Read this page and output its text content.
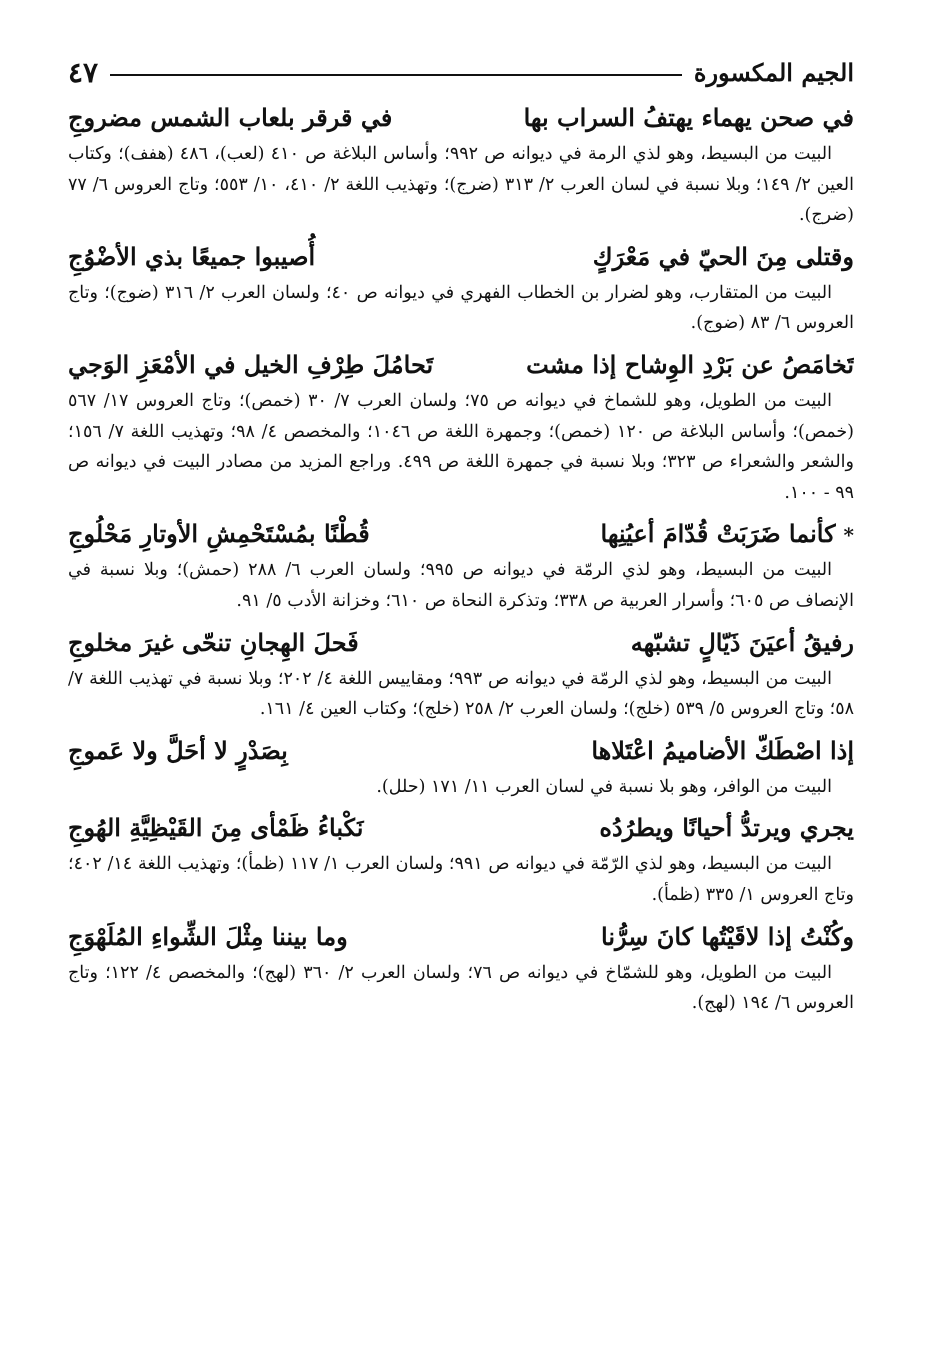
الجيم المكسورة
٤٧
في صحن يهماء يهتفُ السراب بها
في قرقر بلعاب الشمس مضروجِ

البيت من البسيط، وهو لذي الرمة في ديوانه ص ٩٩٢؛ وأساس البلاغة ص ٤١٠ (لعب)، ٤٨٦ (هفف)؛ وكتاب العين ٢/ ١٤٩؛ وبلا نسبة في لسان العرب ٢/ ٣١٣ (ضرج)؛ وتهذيب اللغة ٢/ ٤١٠، ١٠/ ٥٥٣؛ وتاج العروس ٦/ ٧٧ (ضرج).

وقتلى مِنَ الحيّ في مَعْرَكٍ
أُصيبوا جميعًا بذي الأضْوُجِ

البيت من المتقارب، وهو لضرار بن الخطاب الفهري في ديوانه ص ٤٠؛ ولسان العرب ٢/ ٣١٦ (ضوج)؛ وتاج العروس ٦/ ٨٣ (ضوج).

تَخامَصُ عن بَرْدِ الوِشاح إذا مشت
تَحامُلَ طِرْفِ الخيل في الأمْعَزِ الوَجي

البيت من الطويل، وهو للشماخ في ديوانه ص ٧٥؛ ولسان العرب ٧/ ٣٠ (خمص)؛ وتاج العروس ١٧/ ٥٦٧ (خمص)؛ وأساس البلاغة ص ١٢٠ (خمص)؛ وجمهرة اللغة ص ١٠٤٦؛ والمخصص ٤/ ٩٨؛ وتهذيب اللغة ٧/ ١٥٦؛ والشعر والشعراء ص ٣٢٣؛ وبلا نسبة في جمهرة اللغة ص ٤٩٩. وراجع المزيد من مصادر البيت في ديوانه ص ٩٩ - ١٠٠.

*كأنما ضَرَبَتْ قُدّامَ أعيُنِها
قُطْنًا بمُسْتَحْمِشِ الأوتارِ مَحْلُوجِ

البيت من البسيط، وهو لذي الرمّة في ديوانه ص ٩٩٥؛ ولسان العرب ٦/ ٢٨٨ (حمش)؛ وبلا نسبة في الإنصاف ص ٦٠٥؛ وأسرار العربية ص ٣٣٨؛ وتذكرة النحاة ص ٦١٠؛ وخزانة الأدب ٥/ ٩١.

رفيقُ أعيَنَ ذَيّالٍ تشبّهه
فَحلَ الهِجانِ تنحّى غيرَ مخلوجِ

البيت من البسيط، وهو لذي الرمّة في ديوانه ص ٩٩٣؛ ومقاييس اللغة ٤/ ٢٠٢؛ وبلا نسبة في تهذيب اللغة ٧/ ٥٨؛ وتاج العروس ٥/ ٥٣٩ (خلج)؛ ولسان العرب ٢/ ٢٥٨ (خلج)؛ وكتاب العين ٤/ ١٦١.

إذا اصْطَكّ الأضاميمُ اعْتَلاها
بِصَدْرٍ لا أحَلَّ ولا عَموجِ

البيت من الوافر، وهو بلا نسبة في لسان العرب ١١/ ١٧١ (حلل).

يجري ويرتدُّ أحيانًا ويطرُدُه
نَكْباءُ ظَمْأى مِنَ القَيْظِيَّةِ الهُوجِ

البيت من البسيط، وهو لذي الرّمّة في ديوانه ص ٩٩١؛ ولسان العرب ١/ ١١٧ (ظمأ)؛ وتهذيب اللغة ١٤/ ٤٠٢؛ وتاج العروس ١/ ٣٣٥ (ظمأ).

وكُنْتُ إذا لاقَيْتُها كانَ سِرُّنا
وما بيننا مِثْلَ الشِّواءِ المُلَهْوَجِ

البيت من الطويل، وهو للشمّاخ في ديوانه ص ٧٦؛ ولسان العرب ٢/ ٣٦٠ (لهج)؛ والمخصص ٤/ ١٢٢؛ وتاج العروس ٦/ ١٩٤ (لهج).
